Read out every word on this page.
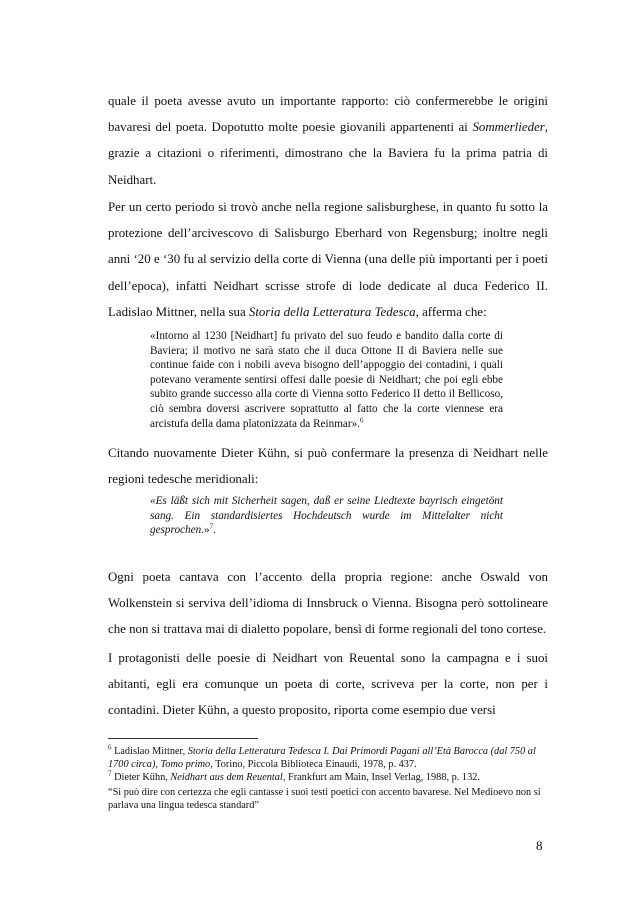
quale il poeta avesse avuto un importante rapporto: ciò confermerebbe le origini bavaresi del poeta. Dopotutto molte poesie giovanili appartenenti ai Sommerlieder, grazie a citazioni o riferimenti, dimostrano che la Baviera fu la prima patria di Neidhart.

Per un certo periodo si trovò anche nella regione salisburghese, in quanto fu sotto la protezione dell’arcivescovo di Salisburgo Eberhard von Regensburg; inoltre negli anni ‘20 e ‘30 fu al servizio della corte di Vienna (una delle più importanti per i poeti dell’epoca), infatti Neidhart scrisse strofe di lode dedicate al duca Federico II. Ladislao Mittner, nella sua Storia della Letteratura Tedesca, afferma che:

«Intorno al 1230 [Neidhart] fu privato del suo feudo e bandito dalla corte di Baviera; il motivo ne sarà stato che il duca Ottone II di Baviera nelle sue continue faide con i nobili aveva bisogno dell’appoggio dei contadini, i quali potevano veramente sentirsi offesi dalle poesie di Neidhart; che poi egli ebbe subito grande successo alla corte di Vienna sotto Federico II detto il Bellicoso, ciò sembra doversi ascrivere soprattutto al fatto che la corte viennese era arcistufa della dama platonizzata da Reinmar».$^6$

Citando nuovamente Dieter Kühn, si può confermare la presenza di Neidhart nelle regioni tedesche meridionali:

«Es läßt sich mit Sicherheit sagen, daß er seine Liedtexte bayrisch eingetönt sang. Ein standardisiertes Hochdeutsch wurde im Mittelalter nicht gesprochen.»$^7$.

Ogni poeta cantava con l’accento della propria regione: anche Oswald von Wolkenstein si serviva dell’idioma di Innsbruck o Vienna. Bisogna però sottolineare che non si trattava mai di dialetto popolare, bensì di forme regionali del tono cortese.

I protagonisti delle poesie di Neidhart von Reuental sono la campagna e i suoi abitanti, egli era comunque un poeta di corte, scriveva per la corte, non per i contadini. Dieter Kühn, a questo proposito, riporta come esempio due versi

$^6$ Ladislao Mittner, Storia della Letteratura Tedesca I. Dai Primordi Pagani all’Età Barocca (dal 750 al 1700 circa), Tomo primo, Torino, Piccola Biblioteca Einaudi, 1978, p. 437.

$^7$ Dieter Kühn, Neidhart aus dem Reuental, Frankfurt am Main, Insel Verlag, 1988, p. 132.

“Si può dire con certezza che egli cantasse i suoi testi poetici con accento bavarese. Nel Medioevo non si parlava una lingua tedesca standard”

8
